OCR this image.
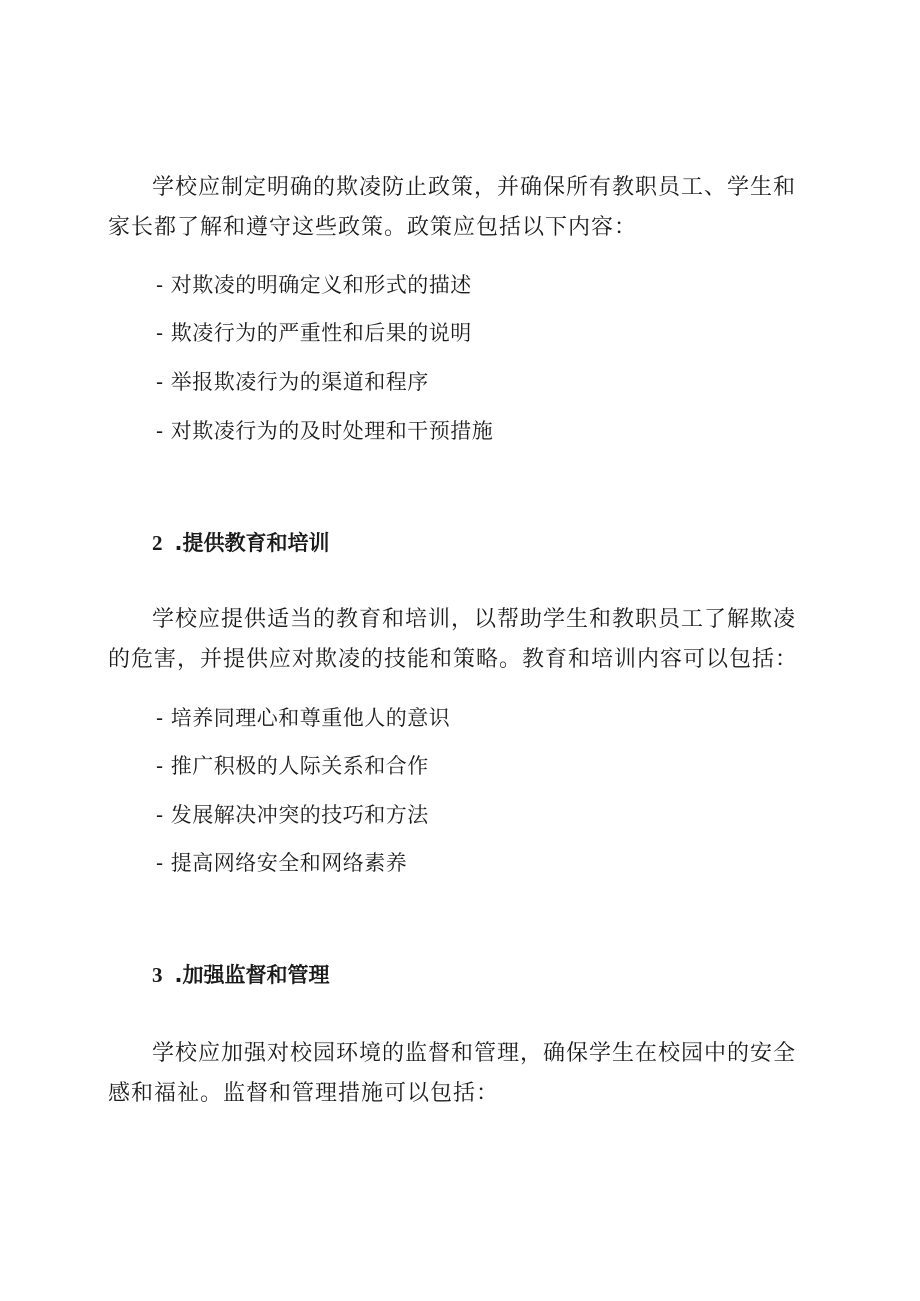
学校应制定明确的欺凌防止政策，并确保所有教职员工、学生和家长都了解和遵守这些政策。政策应包括以下内容：

- 对欺凌的明确定义和形式的描述

- 欺凌行为的严重性和后果的说明

- 举报欺凌行为的渠道和程序

- 对欺凌行为的及时处理和干预措施

2 .提供教育和培训

学校应提供适当的教育和培训，以帮助学生和教职员工了解欺凌的危害，并提供应对欺凌的技能和策略。教育和培训内容可以包括：

- 培养同理心和尊重他人的意识

- 推广积极的人际关系和合作

- 发展解决冲突的技巧和方法

- 提高网络安全和网络素养

3 .加强监督和管理

学校应加强对校园环境的监督和管理，确保学生在校园中的安全感和福祉。监督和管理措施可以包括：
